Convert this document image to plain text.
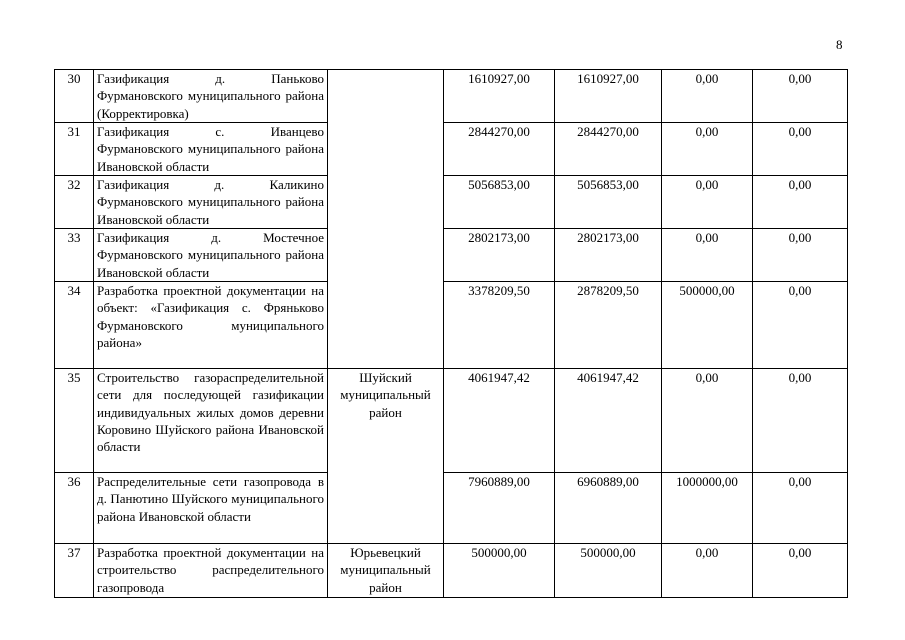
8
30	Газификация д. Паньково Фурмановского муниципального района (Корректировка)		1610927,00	1610927,00	0,00	0,00
31	Газификация с. Иванцево Фурмановского муниципального района Ивановской области		2844270,00	2844270,00	0,00	0,00
32	Газификация д. Каликино Фурмановского муниципального района Ивановской области		5056853,00	5056853,00	0,00	0,00
33	Газификация д. Мостечное Фурмановского муниципального района Ивановской области		2802173,00	2802173,00	0,00	0,00
34	Разработка проектной документации на объект: «Газификация с. Фряньково Фурмановского муниципального района»		3378209,50	2878209,50	500000,00	0,00
35	Строительство газораспределительной сети для последующей газификации индивидуальных жилых домов деревни Коровино Шуйского района Ивановской области	Шуйский муниципальный район	4061947,42	4061947,42	0,00	0,00
36	Распределительные сети газопровода в д. Панютино Шуйского муниципального района Ивановской области		7960889,00	6960889,00	1000000,00	0,00
37	Разработка проектной документации на строительство распределительного газопровода	Юрьевецкий муниципальный район	500000,00	500000,00	0,00	0,00
